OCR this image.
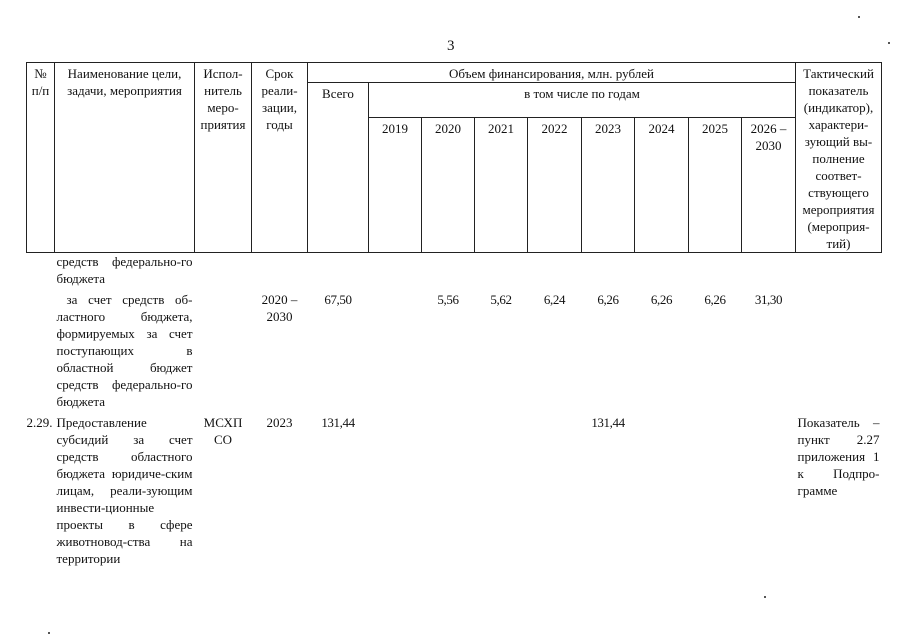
3
№ п/п	Наименование цели, задачи, мероприятия	Испол-нитель меро-приятия	Срок реали-зации, годы	Объем финансирования, млн. рублей									Тактический показатель (индикатор), характери-зующий вы-полнение соответ-ствующего мероприятия (мероприя-тий)
				Всего	в том числе по годам								
					2019	2020	2021	2022	2023	2024	2025	2026 – 2030	
	средств федерально-го бюджета												
	за счет средств об-ластного бюджета, формируемых за счет поступающих в областной бюджет средств федерально-го бюджета		2020 – 2030	67,50		5,56	5,62	6,24	6,26	6,26	6,26	31,30	
2.29.	Предоставление субсидий за счет средств областного бюджета юридиче-ским лицам, реали-зующим инвести-ционные проекты в сфере животновод-ства на территории	МСХП СО	2023	131,44					131,44				Показатель – пункт 2.27 приложения 1 к Подпро-грамме
